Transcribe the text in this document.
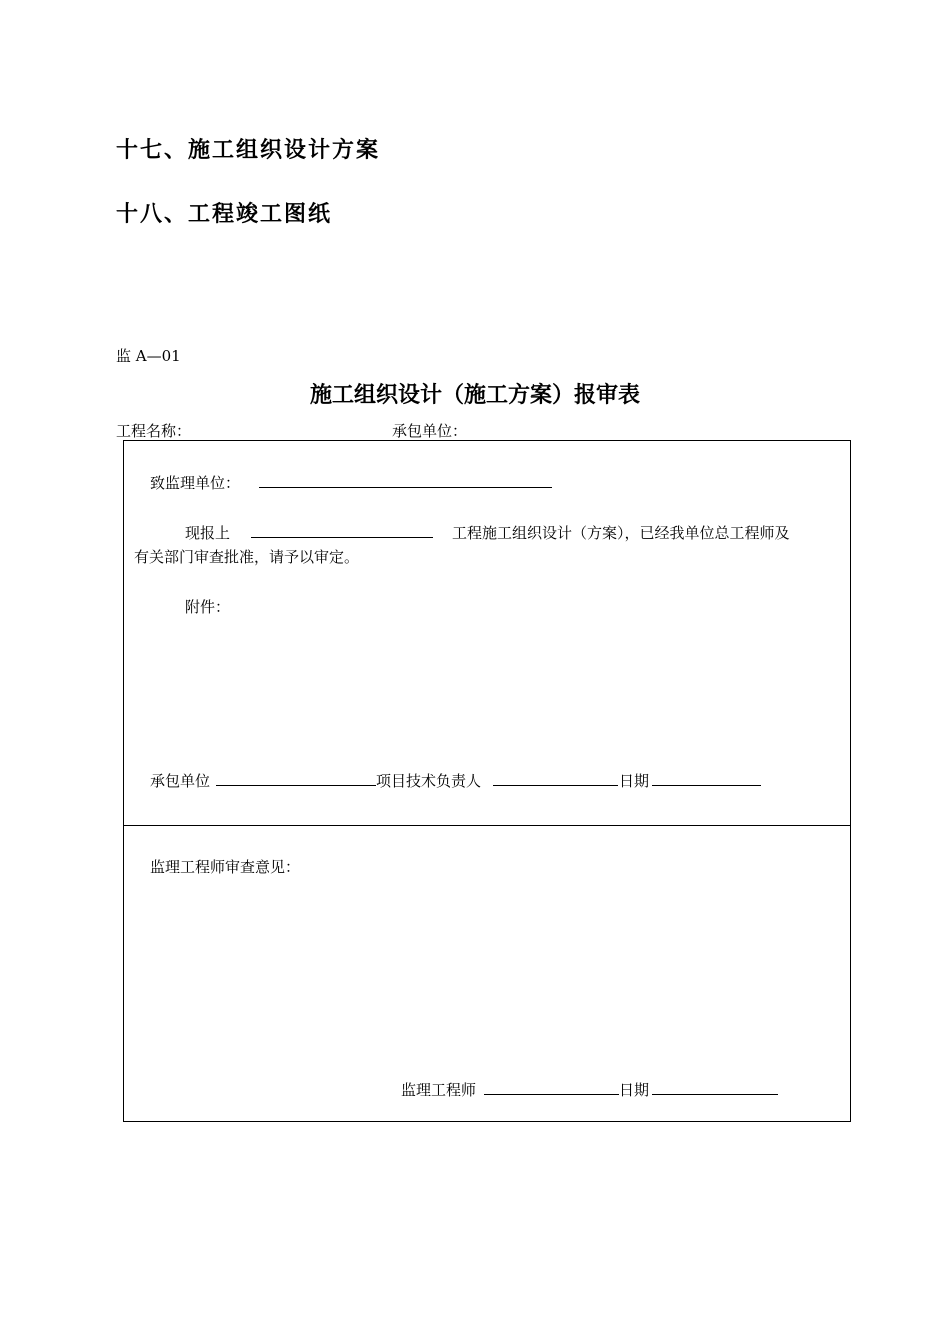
十七、施工组织设计方案
十八、工程竣工图纸
监 A—01
施工组织设计（施工方案）报审表
工程名称：	承包单位：
致监理单位：
现报上	工程施工组织设计（方案），已经我单位总工程师及
有关部门审查批准，请予以审定。
附件：
承包单位	项目技术负责人	日期
监理工程师审查意见：
监理工程师	日期
